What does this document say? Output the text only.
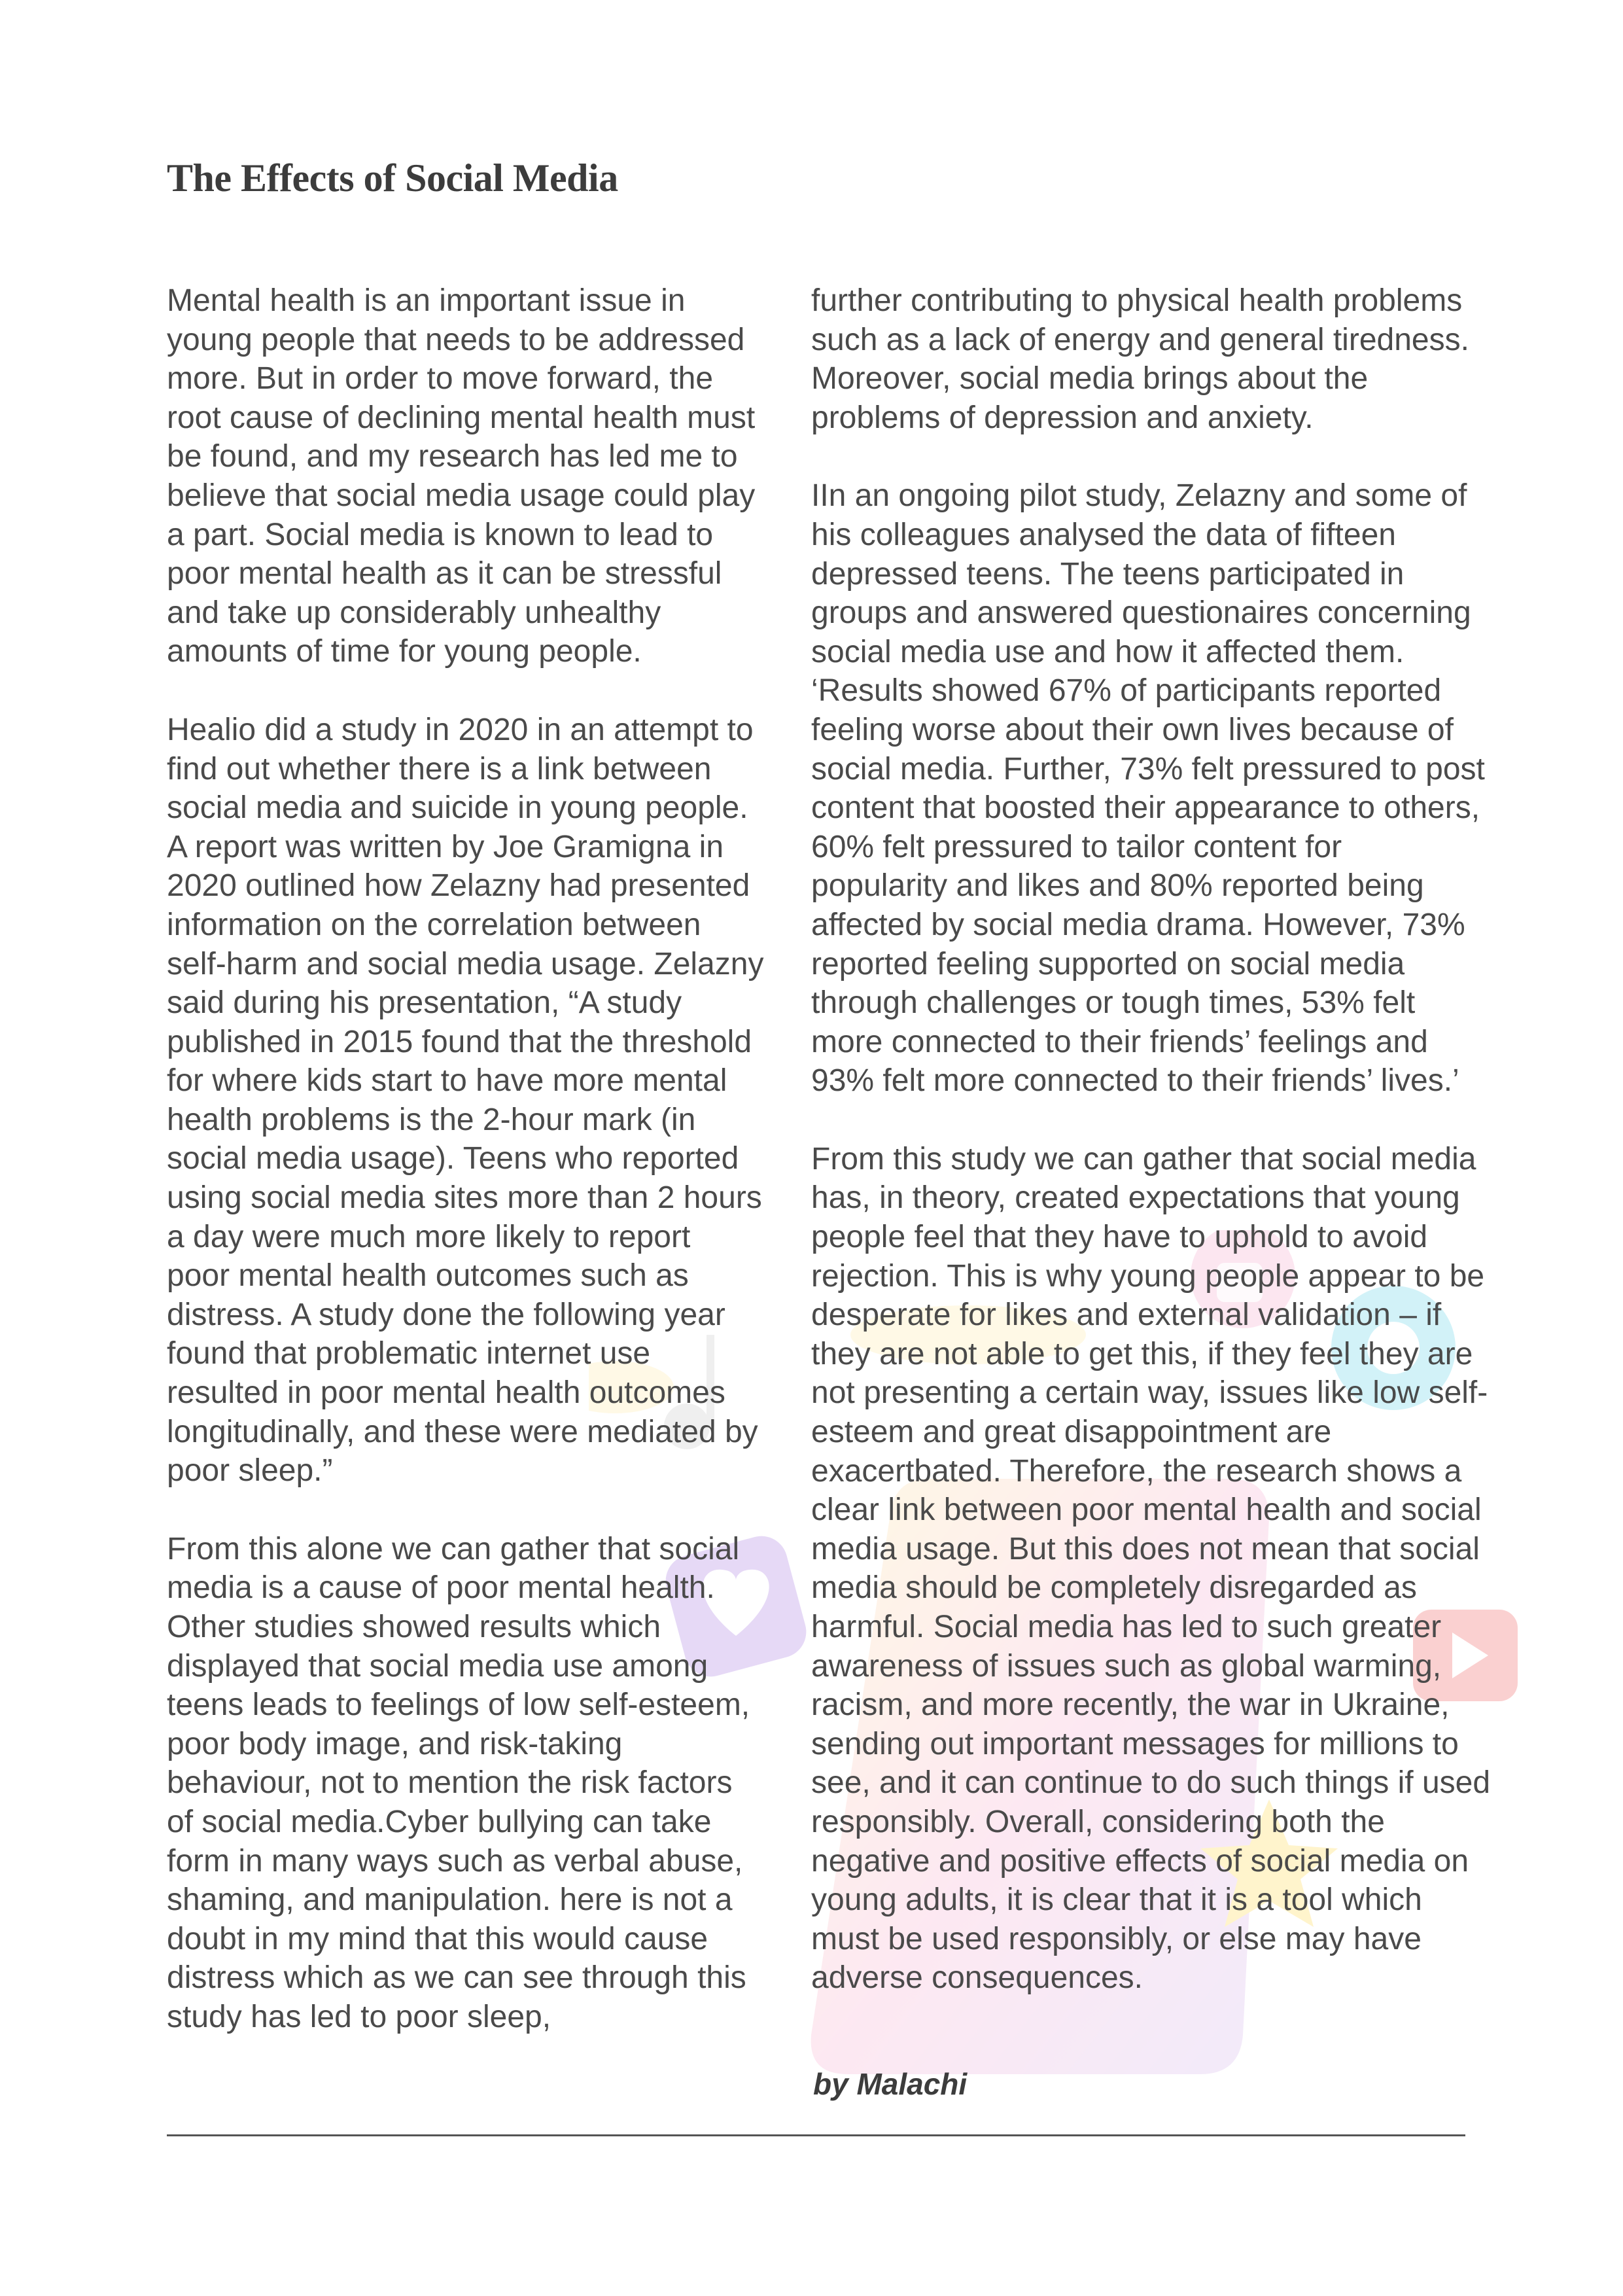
The Effects of Social Media

Mental health is an important issue in
young people that needs to be addressed
more. But in order to move forward, the
root cause of declining mental health must
be found, and my research has led me to
believe that social media usage could play
a part. Social media is known to lead to
poor mental health as it can be stressful
and take up considerably unhealthy
amounts of time for young people.

Healio did a study in 2020 in an attempt to
find out whether there is a link between
social media and suicide in young people.
A report was written by Joe Gramigna in
2020 outlined how Zelazny had presented
information on the correlation between
self-harm and social media usage. Zelazny
said during his presentation, “A study
published in 2015 found that the threshold
for where kids start to have more mental
health problems is the 2-hour mark (in
social media usage). Teens who reported
using social media sites more than 2 hours
a day were much more likely to report
poor mental health outcomes such as
distress. A study done the following year
found that problematic internet use
resulted in poor mental health outcomes
longitudinally, and these were mediated by
poor sleep.”

From this alone we can gather that social
media is a cause of poor mental health.
Other studies showed results which
displayed that social media use among
teens leads to feelings of low self-esteem,
poor body image, and risk-taking
behaviour, not to mention the risk factors
of social media.Cyber bullying can take
form in many ways such as verbal abuse,
shaming, and manipulation. here is not a
doubt in my mind that this would cause
distress which as we can see through this
study has led to poor sleep,

further contributing to physical health problems
such as a lack of energy and general tiredness.
Moreover, social media brings about the
problems of depression and anxiety.

IIn an ongoing pilot study, Zelazny and some of
his colleagues analysed the data of fifteen
depressed teens. The teens participated in
groups and answered questionaires concerning
social media use and how it affected them.
‘Results showed 67% of participants reported
feeling worse about their own lives because of
social media. Further, 73% felt pressured to post
content that boosted their appearance to others,
60% felt pressured to tailor content for
popularity and likes and 80% reported being
affected by social media drama. However, 73%
reported feeling supported on social media
through challenges or tough times, 53% felt
more connected to their friends’ feelings and
93% felt more connected to their friends’ lives.’

From this study we can gather that social media
has, in theory, created expectations that young
people feel that they have to uphold to avoid
rejection. This is why young people appear to be
desperate for likes and external validation – if
they are not able to get this, if they feel they are
not presenting a certain way, issues like low self-
esteem and great disappointment are
exacertbated. Therefore, the research shows a
clear link between poor mental health and social
media usage. But this does not mean that social
media should be completely disregarded as
harmful. Social media has led to such greater
awareness of issues such as global warming,
racism, and more recently, the war in Ukraine,
sending out important messages for millions to
see, and it can continue to do such things if used
responsibly. Overall, considering both the
negative and positive effects of social media on
young adults, it is clear that it is a tool which
must be used responsibly, or else may have
adverse consequences.

by Malachi
